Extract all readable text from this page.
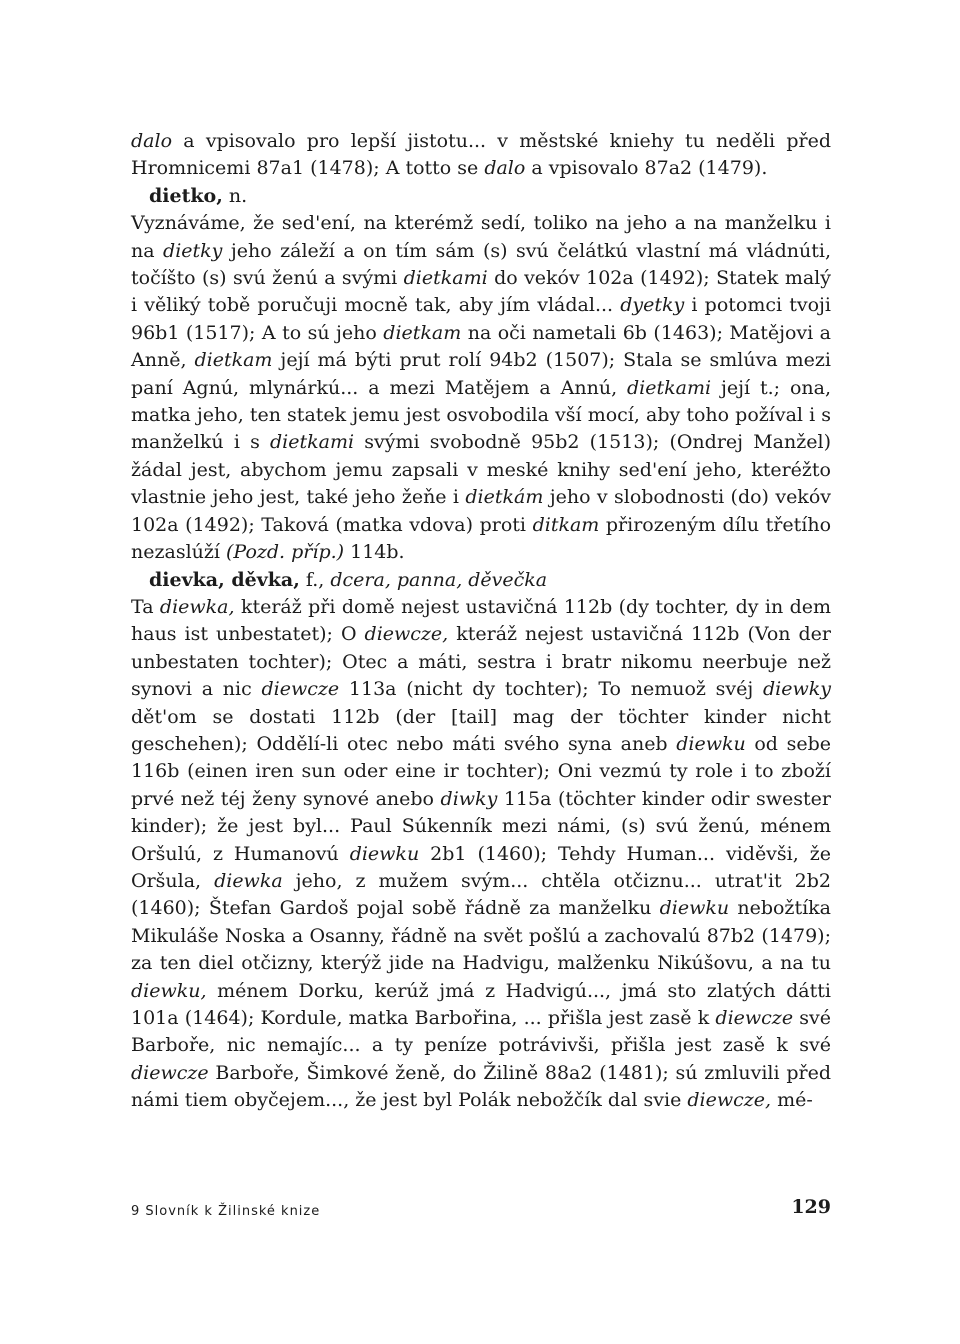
dalo a vpisovalo pro lepší jistotu... v městské kniehy tu neděli před Hromnicemi 87a1 (1478); A totto se dalo a vpisovalo 87a2 (1479).

dietko, n.

Vyznáváme, že sed'ení, na kterémž sedí, toliko na jeho a na manželku i na dietky jeho záleží a on tím sám (s) svú čelátkú vlastní má vládnúti, točíšto (s) svú ženú a svými dietkami do vekóv 102a (1492); Statek malý i věliký tobě poručuji mocně tak, aby jím vládal... dyetky i potomci tvoji 96b1 (1517); A to sú jeho dietkam na oči nametali 6b (1463); Matějovi a Anně, dietkam její má býti prut rolí 94b2 (1507); Stala se smlúva mezi paní Agnú, mlynárkú... a mezi Matějem a Annú, dietkami její t.; ona, matka jeho, ten statek jemu jest osvobodila vší mocí, aby toho požíval i s manželkú i s dietkami svými svobodně 95b2 (1513); (Ondrej Manžel) žádal jest, abychom jemu zapsali v meské knihy sed'ení jeho, kteréžto vlastnie jeho jest, také jeho žeňe i dietkám jeho v slobodnosti (do) vekóv 102a (1492); Taková (matka vdova) proti ditkam přirozeným dílu třetího nezaslúží (Pozd. příp.) 114b.

dievka, děvka, f., dcera, panna, děvečka

Ta diewka, kteráž při domě nejest ustavičná 112b (dy tochter, dy in dem haus ist unbestatet); O diewcze, kteráž nejest ustavičná 112b (Von der unbestaten tochter); Otec a máti, sestra i bratr nikomu neerbuje než synovi a nic diewcze 113a (nicht dy tochter); To nemuož svéj diewky dět'om se dostati 112b (der [tail] mag der töchter kinder nicht geschehen); Oddělí-li otec nebo máti svého syna aneb diewku od sebe 116b (einen iren sun oder eine ir tochter); Oni vezmú ty role i to zboží prvé než téj ženy synové anebo diwky 115a (töchter kinder odir swester kinder); že jest byl... Paul Súkenník mezi námi, (s) svú ženú, ménem Oršulú, z Humanovú diewku 2b1 (1460); Tehdy Human... viděvši, že Oršula, diewka jeho, z mužem svým... chtěla otčiznu... utrat'it 2b2 (1460); Štefan Gardoš pojal sobě řádně za manželku diewku nebožtíka Mikuláše Noska a Osanny, řádně na svět pošlú a zachovalú 87b2 (1479); za ten diel otčizny, kterýž jide na Hadvigu, malženku Nikúšovu, a na tu diewku, ménem Dorku, kerúž jmá z Hadvigú..., jmá sto zlatých dátti 101a (1464); Kordule, matka Barbořina, ... přišla jest zasě k diewcze své Barboře, nic nemajíc... a ty peníze potrávivši, přišla jest zasě k své diewcze Barboře, Šimkové ženě, do Žilině 88a2 (1481); sú zmluvili před námi tiem obyčejem..., že jest byl Polák nebožčík dal svie diewcze, mé-

9 Slovník k Žilinské knize	129
